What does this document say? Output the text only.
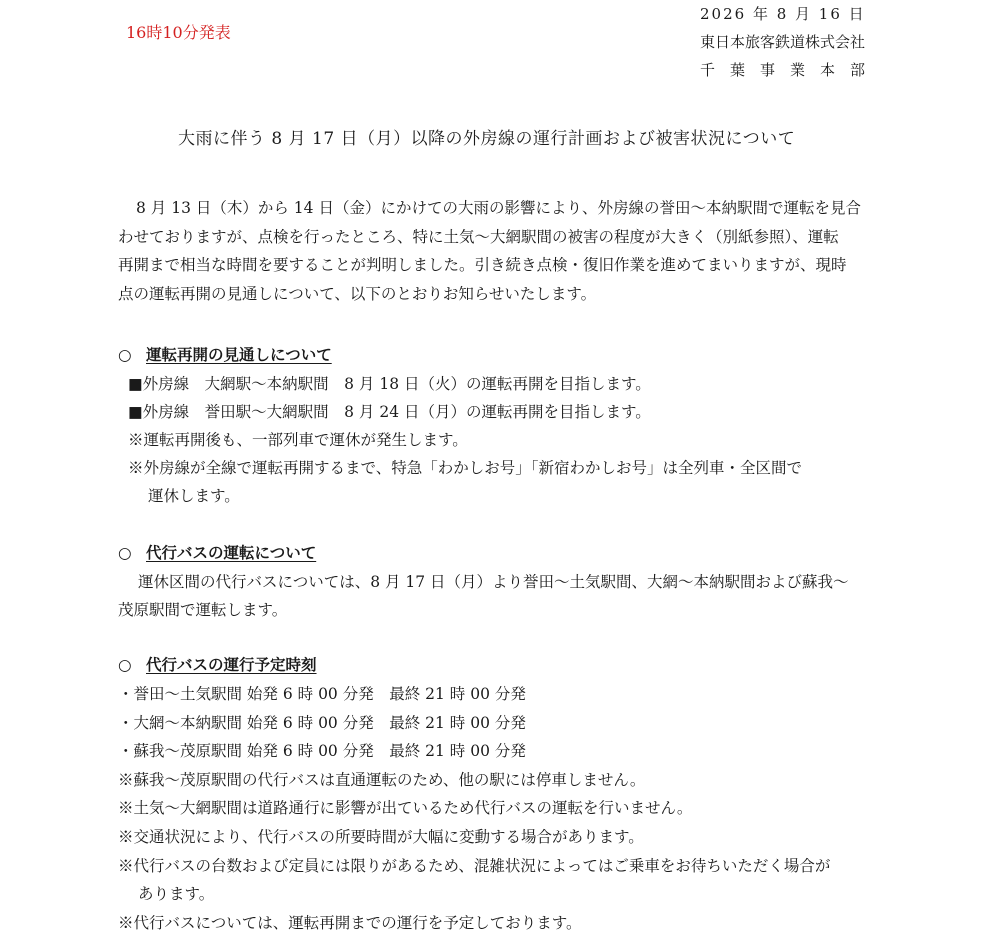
16時10分発表
2026 年 8 月 16 日
東日本旅客鉄道株式会社
千葉事業本部
大雨に伴う 8 月 17 日（月）以降の外房線の運行計画および被害状況について

8 月 13 日（木）から 14 日（金）にかけての大雨の影響により、外房線の誉田〜本納駅間で運転を見合

わせておりますが、点検を行ったところ、特に土気〜大網駅間の被害の程度が大きく（別紙参照）、運転

再開まで相当な時間を要することが判明しました。引き続き点検・復旧作業を進めてまいりますが、現時

点の運転再開の見通しについて、以下のとおりお知らせいたします。

○ 運転再開の見通しについて

■外房線　大網駅〜本納駅間　8 月 18 日（火）の運転再開を目指します。

■外房線　誉田駅〜大網駅間　8 月 24 日（月）の運転再開を目指します。

※運転再開後も、一部列車で運休が発生します。

※外房線が全線で運転再開するまで、特急「わかしお号」「新宿わかしお号」は全列車・全区間で

運休します。

○ 代行バスの運転について

運休区間の代行バスについては、8 月 17 日（月）より誉田〜土気駅間、大網〜本納駅間および蘇我〜

茂原駅間で運転します。

○ 代行バスの運行予定時刻

・誉田〜土気駅間 始発 6 時 00 分発　最終 21 時 00 分発

・大網〜本納駅間 始発 6 時 00 分発　最終 21 時 00 分発

・蘇我〜茂原駅間 始発 6 時 00 分発　最終 21 時 00 分発

※蘇我〜茂原駅間の代行バスは直通運転のため、他の駅には停車しません。

※土気〜大網駅間は道路通行に影響が出ているため代行バスの運転を行いません。

※交通状況により、代行バスの所要時間が大幅に変動する場合があります。

※代行バスの台数および定員には限りがあるため、混雑状況によってはご乗車をお待ちいただく場合が

あります。

※代行バスについては、運転再開までの運行を予定しております。
